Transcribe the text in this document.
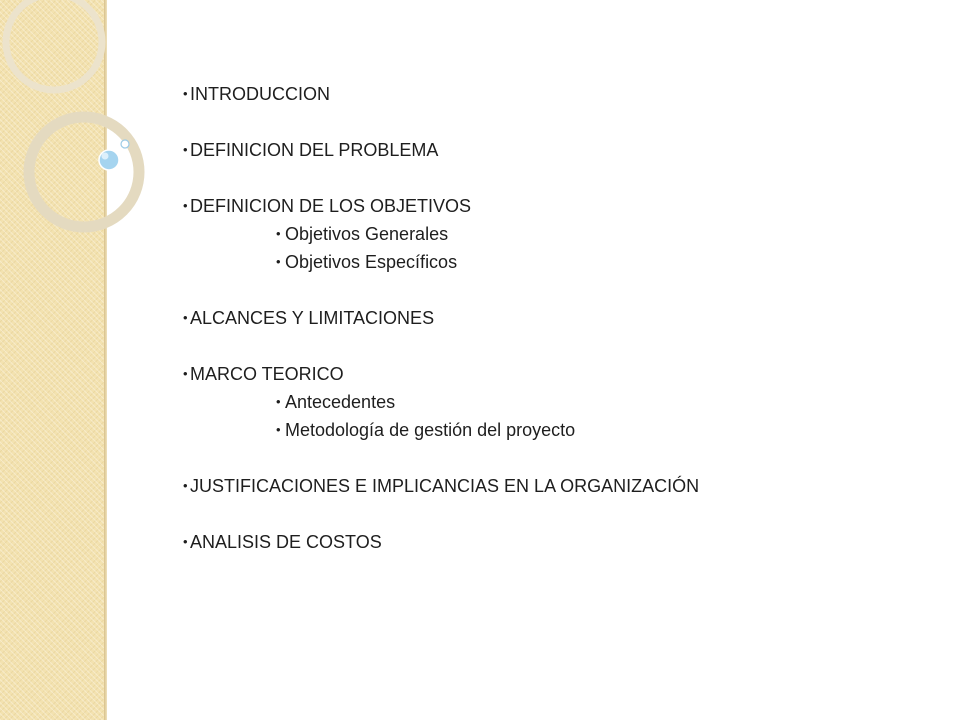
• INTRODUCCION
• DEFINICION DEL PROBLEMA
• DEFINICION DE LOS OBJETIVOS
• Objetivos Generales
• Objetivos Específicos
• ALCANCES Y LIMITACIONES
• MARCO TEORICO
• Antecedentes
• Metodología de gestión del proyecto
• JUSTIFICACIONES E IMPLICANCIAS EN LA ORGANIZACIÓN
• ANALISIS DE COSTOS
